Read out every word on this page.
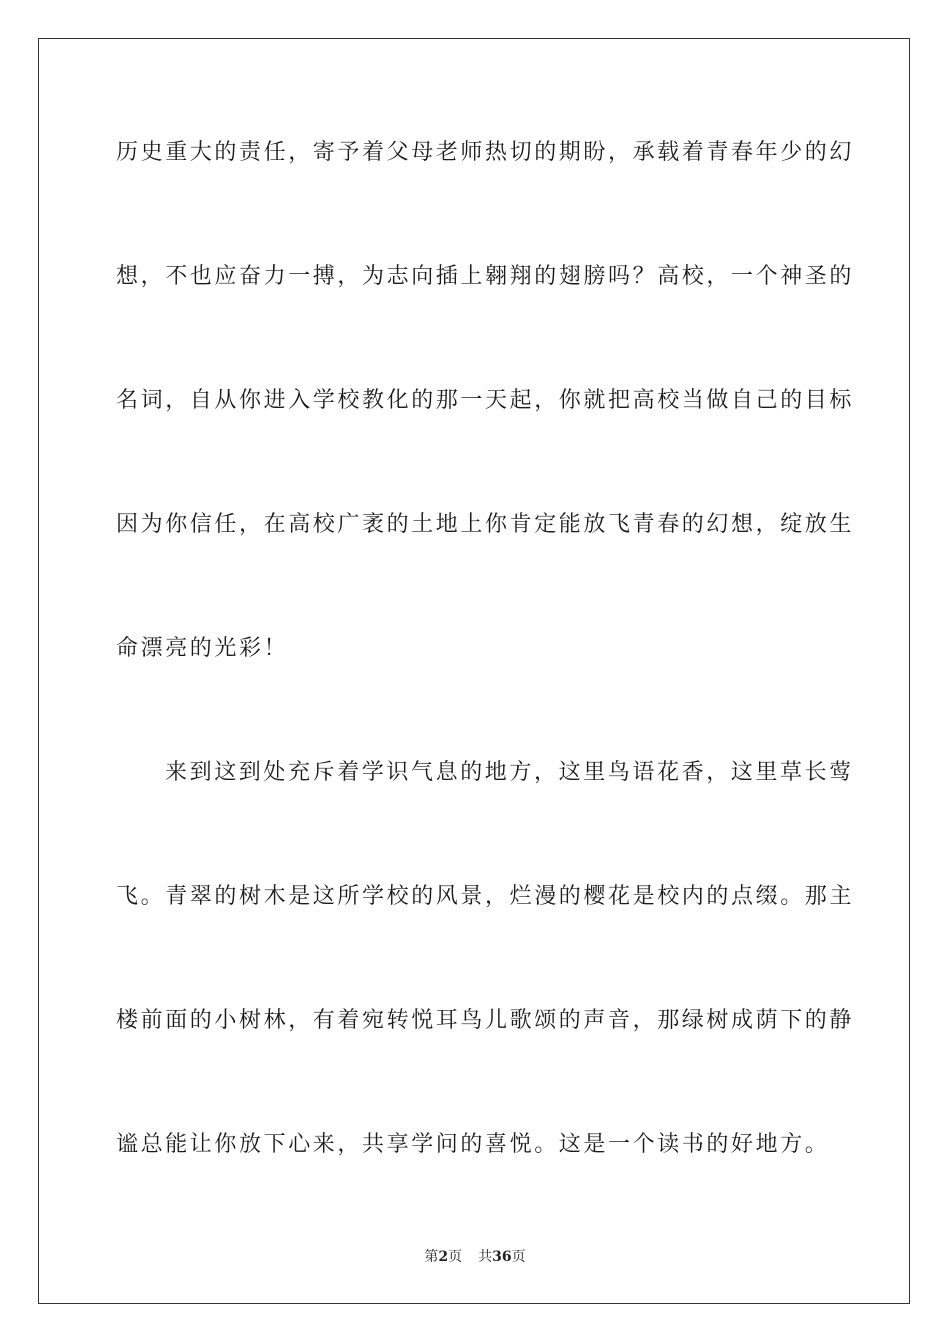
历史重大的责任，寄予着父母老师热切的期盼，承载着青春年少的幻
想，不也应奋力一搏，为志向插上翱翔的翅膀吗？高校，一个神圣的
名词，自从你进入学校教化的那一天起，你就把高校当做自己的目标
因为你信任，在高校广袤的土地上你肯定能放飞青春的幻想，绽放生
命漂亮的光彩！
来到这到处充斥着学识气息的地方，这里鸟语花香，这里草长莺
飞。青翠的树木是这所学校的风景，烂漫的樱花是校内的点缀。那主
楼前面的小树林，有着宛转悦耳鸟儿歌颂的声音，那绿树成荫下的静
谧总能让你放下心来，共享学问的喜悦。这是一个读书的好地方。
第2页 共36页
